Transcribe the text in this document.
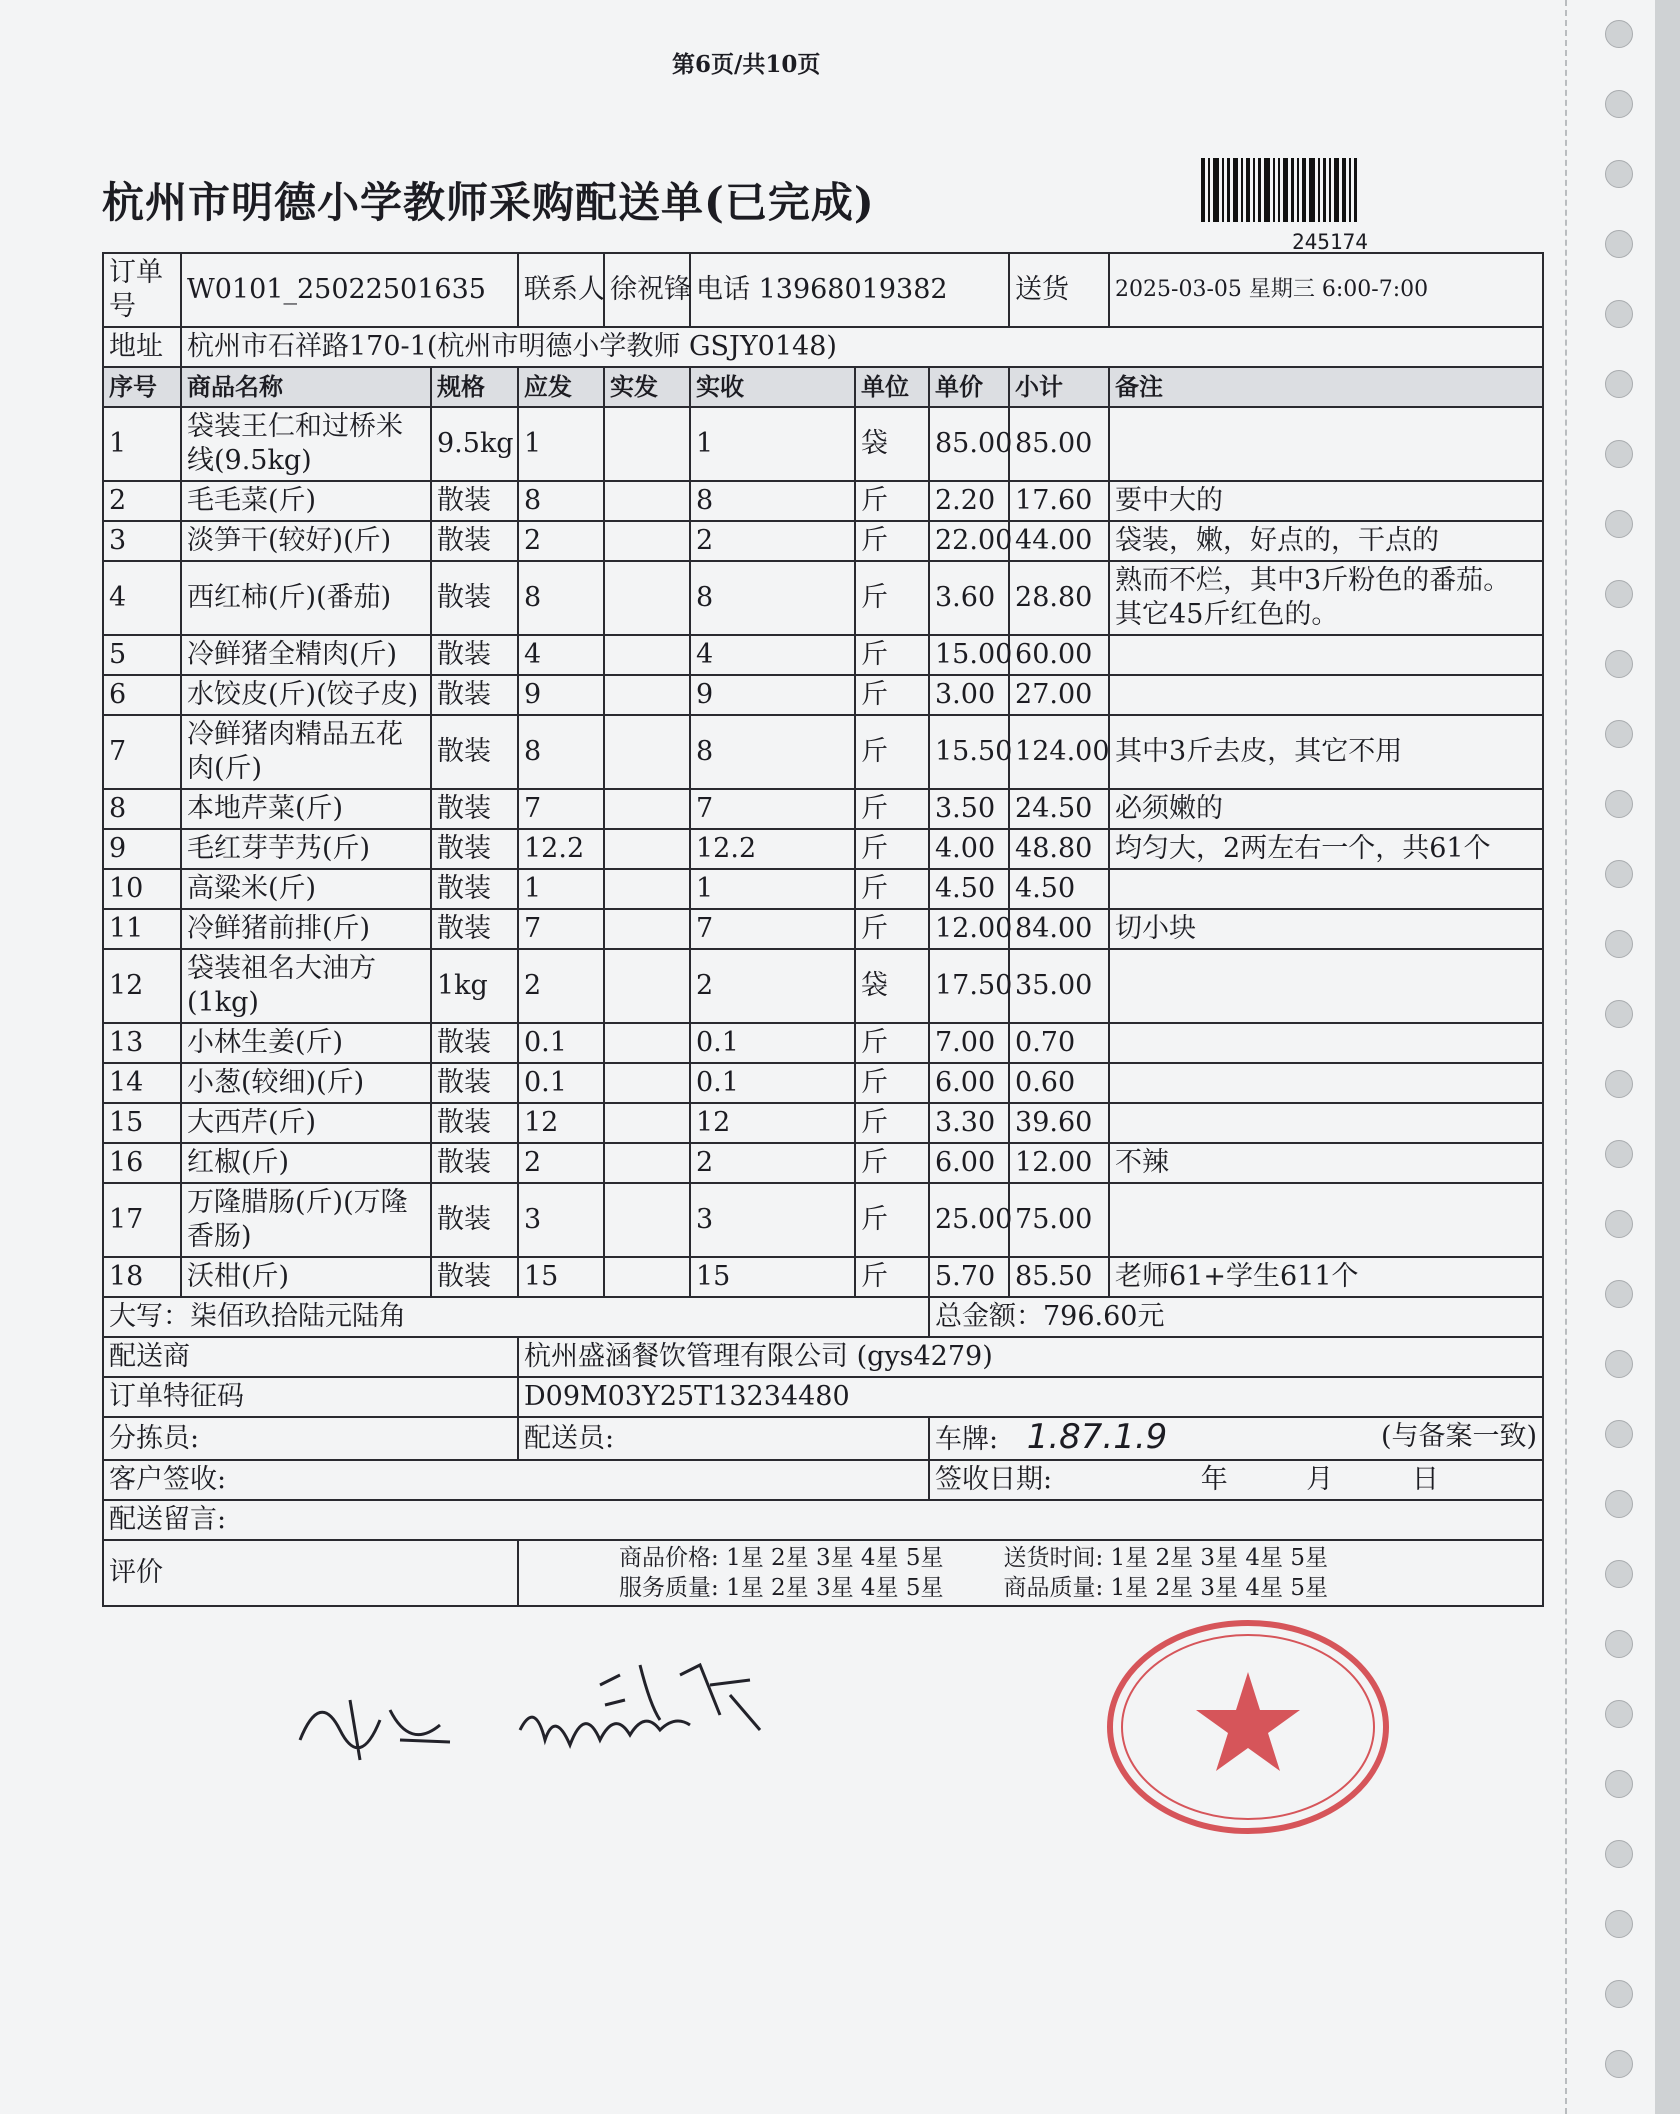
第6页/共10页
杭州市明德小学教师采购配送单(已完成)
245174
订单号	W0101_25022501635		联系人	徐祝锋	电话 13968019382			送货	2025-03-05 星期三 6:00-7:00
地址	杭州市石祥路170-1(杭州市明德小学教师 GSJY0148)								
序号	商品名称	规格	应发	实发	实收	单位	单价	小计	备注
1	袋装王仁和过桥米线(9.5kg)	9.5kg	1		1	袋	85.00	85.00	
2	毛毛菜(斤)	散装	8		8	斤	2.20	17.60	要中大的
3	淡笋干(较好)(斤)	散装	2		2	斤	22.00	44.00	袋装，嫩，好点的，干点的
4	西红柿(斤)(番茄)	散装	8		8	斤	3.60	28.80	熟而不烂，其中3斤粉色的番茄。其它45斤红色的。
5	冷鲜猪全精肉(斤)	散装	4		4	斤	15.00	60.00	
6	水饺皮(斤)(饺子皮)	散装	9		9	斤	3.00	27.00	
7	冷鲜猪肉精品五花肉(斤)	散装	8		8	斤	15.50	124.00	其中3斤去皮，其它不用
8	本地芹菜(斤)	散装	7		7	斤	3.50	24.50	必须嫩的
9	毛红芽芋艿(斤)	散装	12.2		12.2	斤	4.00	48.80	均匀大，2两左右一个，共61个
10	高粱米(斤)	散装	1		1	斤	4.50	4.50	
11	冷鲜猪前排(斤)	散装	7		7	斤	12.00	84.00	切小块
12	袋装祖名大油方(1kg)	1kg	2		2	袋	17.50	35.00	
13	小林生姜(斤)	散装	0.1		0.1	斤	7.00	0.70	
14	小葱(较细)(斤)	散装	0.1		0.1	斤	6.00	0.60	
15	大西芹(斤)	散装	12		12	斤	3.30	39.60	
16	红椒(斤)	散装	2		2	斤	6.00	12.00	不辣
17	万隆腊肠(斤)(万隆香肠)	散装	3		3	斤	25.00	75.00	
18	沃柑(斤)	散装	15		15	斤	5.70	85.50	老师61+学生611个
大写：柒佰玖拾陆元陆角							总金额：796.60元		
配送商			杭州盛涵餐饮管理有限公司 (gys4279)						
订单特征码			D09M03Y25T13234480						
分拣员:			配送员:				车牌: 1.87.1.9 (与备案一致)		

客户签收:							签收日期: 年 月 日		
配送留言:									
评价			商品价格: 1星 2星 3星 4星 5星 送货时间: 1星 2星 3星 4星 5星
服务质量: 1星 2星 3星 4星 5星 商品质量: 1星 2星 3星 4星 5星						
